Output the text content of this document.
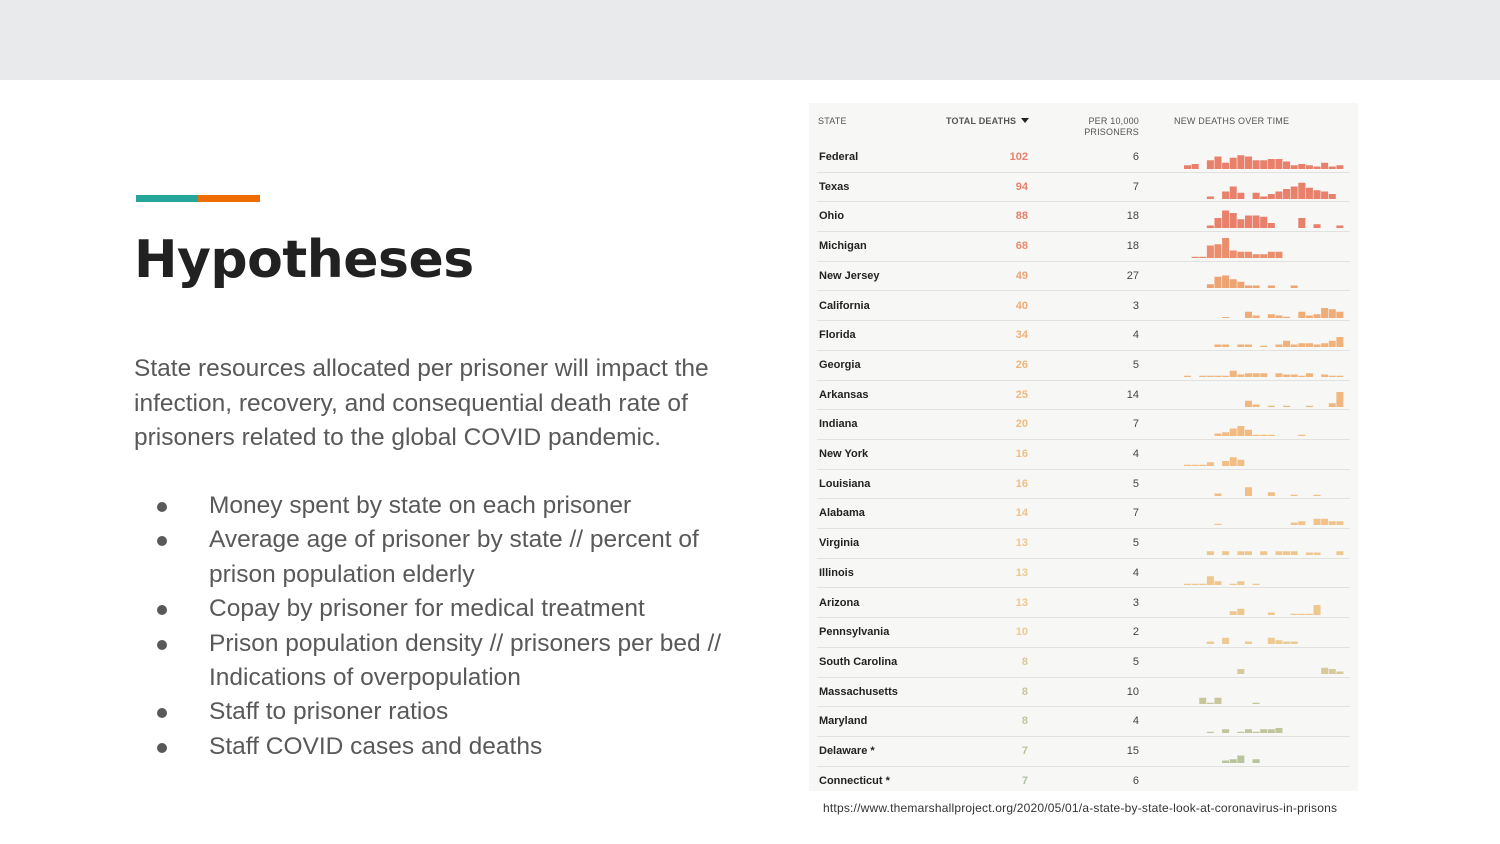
Hypotheses

State resources allocated per prisoner will impact the infection, recovery, and consequential death rate of prisoners related to the global COVID pandemic.

Money spent by state on each prisoner
Average age of prisoner by state // percent of prison population elderly
Copay by prisoner for medical treatment
Prison population density // prisoners per bed // Indications of overpopulation
Staff to prisoner ratios
Staff COVID cases and deaths
STATE	TOTAL DEATHS	PER 10,000
PRISONERS
NEW DEATHS OVER TIME
Federal	102	6
Texas	94	7
Ohio	88	18
Michigan	68	18
New Jersey	49	27
California	40	3
Florida	34	4
Georgia	26	5
Arkansas	25	14
Indiana	20	7
New York	16	4
Louisiana	16	5
Alabama	14	7
Virginia	13	5
Illinois	13	4
Arizona	13	3
Pennsylvania	10	2
South Carolina	8	5
Massachusetts	8	10
Maryland	8	4
Delaware *	7	15
Connecticut *	7	6
https://www.themarshallproject.org/2020/05/01/a-state-by-state-look-at-coronavirus-in-prisons
